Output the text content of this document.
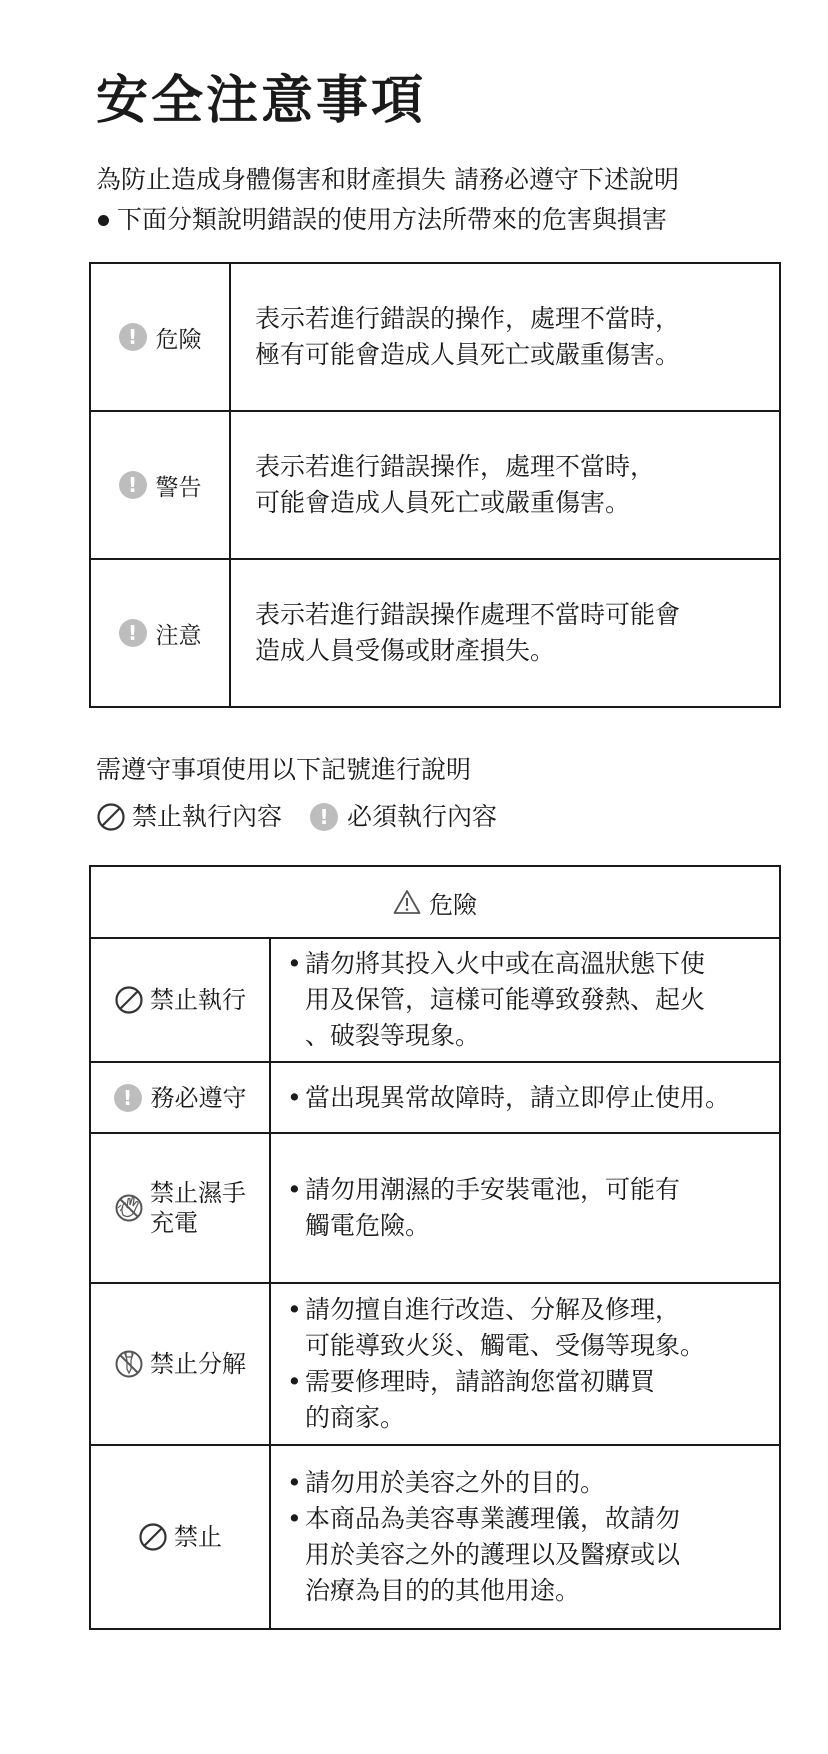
安全注意事項
為防止造成身體傷害和財產損失 請務必遵守下述說明
下面分類說明錯誤的使用方法所帶來的危害與損害
! 危險
表示若進行錯誤的操作，處理不當時，
極有可能會造成人員死亡或嚴重傷害。
! 警告
表示若進行錯誤操作，處理不當時，
可能會造成人員死亡或嚴重傷害。
! 注意
表示若進行錯誤操作處理不當時可能會
造成人員受傷或財產損失。
需遵守事項使用以下記號進行說明
禁止執行內容	! 必須執行內容
危險
禁止執行
• 請勿將其投入火中或在高溫狀態下使
用及保管，這樣可能導致發熱、起火
、破裂等現象。
! 務必遵守 • 當出現異常故障時，請立即停止使用。
禁止濕手
充電
• 請勿用潮濕的手安裝電池，可能有
觸電危險。
禁止分解
• 請勿擅自進行改造、分解及修理，
可能導致火災、觸電、受傷等現象。
• 需要修理時，請諮詢您當初購買
的商家。
禁止
• 請勿用於美容之外的目的。
• 本商品為美容專業護理儀，故請勿
用於美容之外的護理以及醫療或以
治療為目的的其他用途。
